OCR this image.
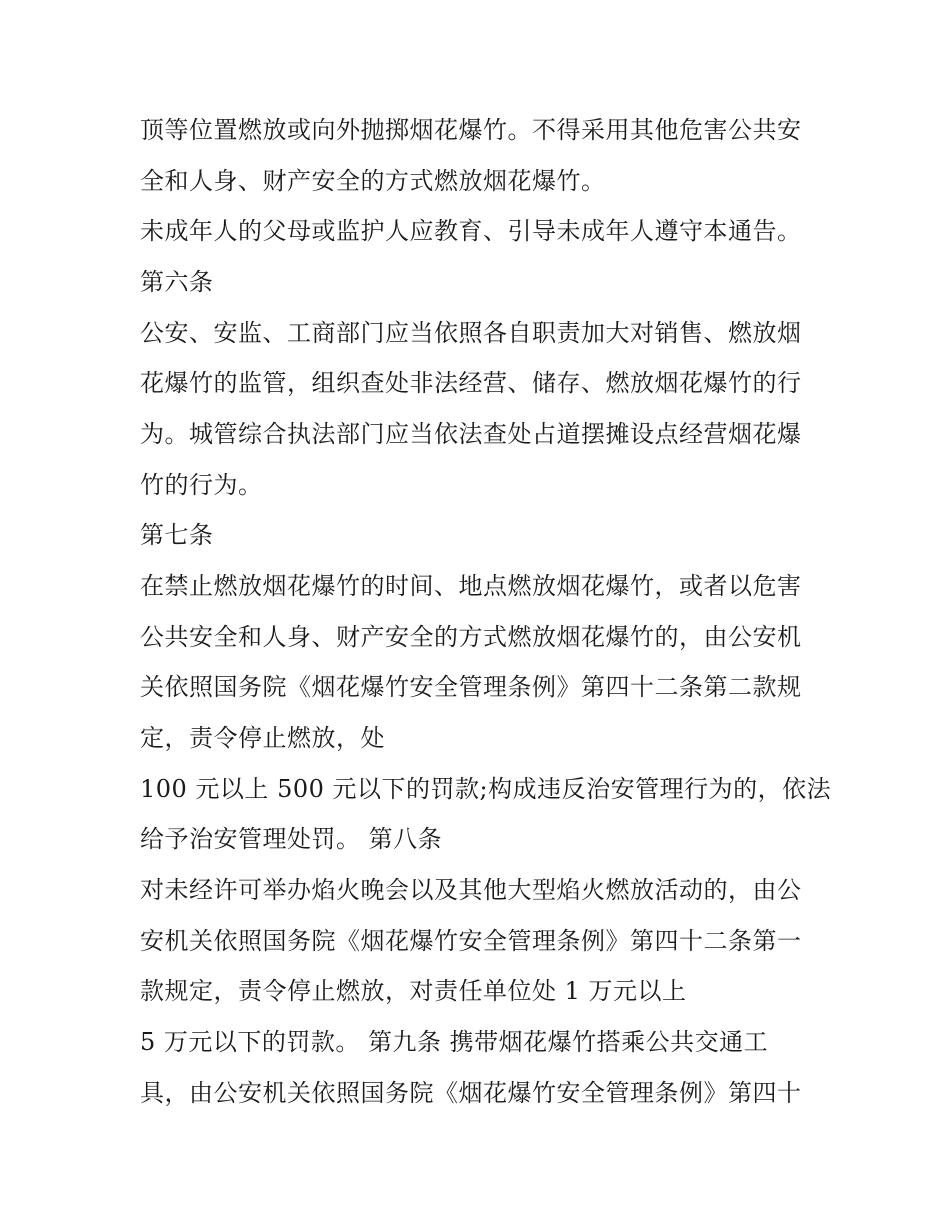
顶等位置燃放或向外抛掷烟花爆竹。不得采用其他危害公共安

全和人身、财产安全的方式燃放烟花爆竹。

未成年人的父母或监护人应教育、引导未成年人遵守本通告。

第六条

公安、安监、工商部门应当依照各自职责加大对销售、燃放烟

花爆竹的监管，组织查处非法经营、储存、燃放烟花爆竹的行

为。城管综合执法部门应当依法查处占道摆摊设点经营烟花爆

竹的行为。

第七条

在禁止燃放烟花爆竹的时间、地点燃放烟花爆竹，或者以危害

公共安全和人身、财产安全的方式燃放烟花爆竹的，由公安机

关依照国务院《烟花爆竹安全管理条例》第四十二条第二款规

定，责令停止燃放，处

100 元以上 500 元以下的罚款;构成违反治安管理行为的，依法

给予治安管理处罚。 第八条

对未经许可举办焰火晚会以及其他大型焰火燃放活动的，由公

安机关依照国务院《烟花爆竹安全管理条例》第四十二条第一

款规定，责令停止燃放，对责任单位处 1 万元以上

5 万元以下的罚款。 第九条 携带烟花爆竹搭乘公共交通工

具，由公安机关依照国务院《烟花爆竹安全管理条例》第四十
